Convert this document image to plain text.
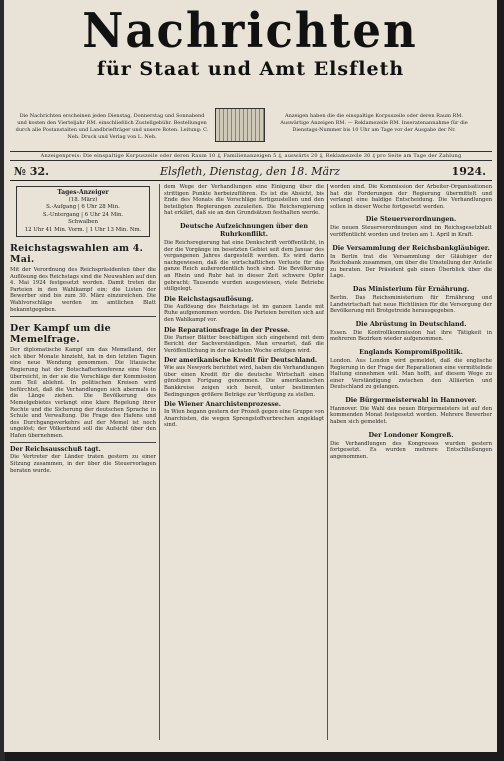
Nachrichten
für Staat und Amt Elsfleth
Die Nachrichten erscheinen jeden Dienstag, Donnerstag und Sonnabend und kosten den Vierteljahr RM. einschließlich Zustellgebühr. Bestellungen durch alle Postanstalten und Landbriefträger und unsere Boten. Leitung: C. Neh. Druck und Verlag von L. Neh.
Anzeigen haben die die einspaltige Korpuszeile oder deren Raum RM. Auswärtige Anzeigen RM. — Reklamezeile RM. Inseratenannahme für die Dienstags-Nummer bis 10 Uhr am Tage vor der Ausgabe der Nr.
Anzeigenpreis: Die einspaltige Korpuszeile oder deren Raum 10 ₰, Familienanzeigen 5 ₰, auswärts 20 ₰, Reklamezeile 30 ₰ pro Seite am Tage der Zahlung
№ 32.	Elsfleth, Dienstag, den 18. März	1924.
Tages-Anzeiger
(18. März)
S.-Aufgang | 6 Uhr 28 Min.
S.-Untergang | 6 Uhr 24 Min.
Schwalben
12 Uhr 41 Min. Vorm. | 1 Uhr 13 Min. Nm.
Reichstagswahlen am 4. Mai.
Mit der Verordnung des Reichspräsidenten über die Auflösung des Reichstags sind die Neuwahlen auf den 4. Mai 1924 festgesetzt worden. Damit treten die Parteien in den Wahlkampf ein; die Listen der Bewerber sind bis zum 30. März einzureichen. Die Wahlvorschläge werden im amtlichen Blatt bekanntgegeben.
Der Kampf um die Memelfrage.
Der diplomatische Kampf um das Memelland, der sich über Monate hinzieht, hat in den letzten Tagen eine neue Wendung genommen. Die litauische Regierung hat der Botschafterkonferenz eine Note überreicht, in der sie die Vorschläge der Kommission zum Teil ablehnt. In politischen Kreisen wird befürchtet, daß die Verhandlungen sich abermals in die Länge ziehen. Die Bevölkerung des Memelgebietes verlangt eine klare Regelung ihrer Rechte und die Sicherung der deutschen Sprache in Schule und Verwaltung. Die Frage des Hafens und des Durchgangsverkehrs auf der Memel ist noch ungelöst; der Völkerbund soll die Aufsicht über den Hafen übernehmen.
Der Reichsausschuß tagt.
Die Vertreter der Länder traten gestern zu einer Sitzung zusammen, in der über die Steuervorlagen beraten wurde.
dem Wege der Verhandlungen eine Einigung über die strittigen Punkte herbeizuführen. Es ist die Absicht, bis Ende des Monats die Vorschläge fertigzustellen und den beteiligten Regierungen zuzuleiten. Die Reichsregierung hat erklärt, daß sie an den Grundsätzen festhalten werde.
Deutsche Aufzeichnungen über den Ruhrkonflikt.
Die Reichsregierung hat eine Denkschrift veröffentlicht, in der die Vorgänge im besetzten Gebiet seit dem Januar des vergangenen Jahres dargestellt werden. Es wird darin nachgewiesen, daß die wirtschaftlichen Verluste für das ganze Reich außerordentlich hoch sind. Die Bevölkerung an Rhein und Ruhr hat in dieser Zeit schwere Opfer gebracht; Tausende wurden ausgewiesen, viele Betriebe stillgelegt.
Die Reichstagsauflösung.
Die Auflösung des Reichstags ist im ganzen Lande mit Ruhe aufgenommen worden. Die Parteien bereiten sich auf den Wahlkampf vor.
Die Reparationsfrage in der Presse.
Die Pariser Blätter beschäftigen sich eingehend mit dem Bericht der Sachverständigen. Man erwartet, daß die Veröffentlichung in der nächsten Woche erfolgen wird.
Der amerikanische Kredit für Deutschland.
Wie aus Newyork berichtet wird, haben die Verhandlungen über einen Kredit für die deutsche Wirtschaft einen günstigen Fortgang genommen. Die amerikanischen Bankkreise zeigen sich bereit, unter bestimmten Bedingungen größere Beträge zur Verfügung zu stellen.
Die Wiener Anarchistenprozesse.
In Wien begann gestern der Prozeß gegen eine Gruppe von Anarchisten, die wegen Sprengstoffverbrechen angeklagt sind.
worden sind. Die Kommission der Arbeiter-Organisationen hat die Forderungen der Regierung übermittelt und verlangt eine baldige Entscheidung. Die Verhandlungen sollen in dieser Woche fortgesetzt werden.
Die Steuerverordnungen.
Die neuen Steuerverordnungen sind im Reichsgesetzblatt veröffentlicht worden und treten am 1. April in Kraft.
Die Versammlung der Reichsbankgläubiger.
In Berlin trat die Versammlung der Gläubiger der Reichsbank zusammen, um über die Umstellung der Anteile zu beraten. Der Präsident gab einen Überblick über die Lage.
Das Ministerium für Ernährung.
Berlin. Das Reichsministerium für Ernährung und Landwirtschaft hat neue Richtlinien für die Versorgung der Bevölkerung mit Brotgetreide herausgegeben.
Die Abrüstung in Deutschland.
Essen. Die Kontrollkommission hat ihre Tätigkeit in mehreren Bezirken wieder aufgenommen.
Englands Kompromißpolitik.
London. Aus London wird gemeldet, daß die englische Regierung in der Frage der Reparationen eine vermittelnde Haltung einnehmen will. Man hofft, auf diesem Wege zu einer Verständigung zwischen den Alliierten und Deutschland zu gelangen.
Die Bürgermeisterwahl in Hannover.
Hannover. Die Wahl des neuen Bürgermeisters ist auf den kommenden Monat festgesetzt worden. Mehrere Bewerber haben sich gemeldet.
Der Londoner Kongreß.
Die Verhandlungen des Kongresses wurden gestern fortgesetzt. Es wurden mehrere Entschließungen angenommen.
